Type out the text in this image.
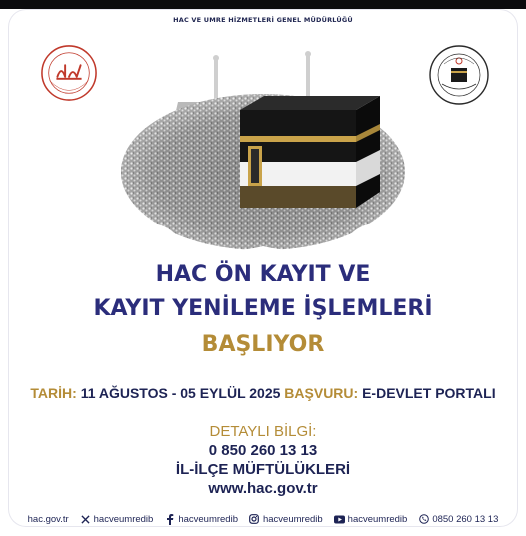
HAC VE UMRE HİZMETLERİ GENEL MÜDÜRLÜĞÜ
HAC ÖN KAYIT VE
KAYIT YENİLEME İŞLEMLERİ
BAŞLIYOR
TARİH: 11 AĞUSTOS - 05 EYLÜL 2025 BAŞVURU: E-DEVLET PORTALI
DETAYLI BİLGİ:
0 850 260 13 13
İL-İLÇE MÜFTÜLÜKLERİ
www.hac.gov.tr
hac.gov.tr	hacveumredib	hacveumredib	hacveumredib	hacveumredib	0850 260 13 13
